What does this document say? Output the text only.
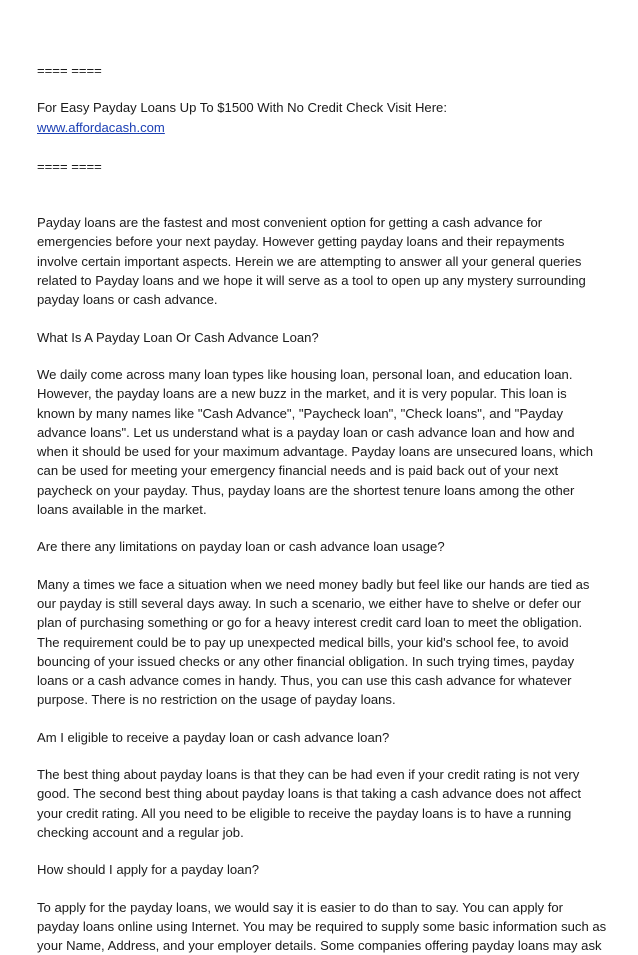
==== ====

For Easy Payday Loans Up To $1500 With No Credit Check Visit Here:

www.affordacash.com

==== ====

Payday loans are the fastest and most convenient option for getting a cash advance for
emergencies before your next payday. However getting payday loans and their repayments
involve certain important aspects. Herein we are attempting to answer all your general queries
related to Payday loans and we hope it will serve as a tool to open up any mystery surrounding
payday loans or cash advance.

What Is A Payday Loan Or Cash Advance Loan?

We daily come across many loan types like housing loan, personal loan, and education loan.
However, the payday loans are a new buzz in the market, and it is very popular. This loan is
known by many names like "Cash Advance", "Paycheck loan", "Check loans", and "Payday
advance loans". Let us understand what is a payday loan or cash advance loan and how and
when it should be used for your maximum advantage. Payday loans are unsecured loans, which
can be used for meeting your emergency financial needs and is paid back out of your next
paycheck on your payday. Thus, payday loans are the shortest tenure loans among the other
loans available in the market.

Are there any limitations on payday loan or cash advance loan usage?

Many a times we face a situation when we need money badly but feel like our hands are tied as
our payday is still several days away. In such a scenario, we either have to shelve or defer our
plan of purchasing something or go for a heavy interest credit card loan to meet the obligation.
The requirement could be to pay up unexpected medical bills, your kid's school fee, to avoid
bouncing of your issued checks or any other financial obligation. In such trying times, payday
loans or a cash advance comes in handy. Thus, you can use this cash advance for whatever
purpose. There is no restriction on the usage of payday loans.

Am I eligible to receive a payday loan or cash advance loan?

The best thing about payday loans is that they can be had even if your credit rating is not very
good. The second best thing about payday loans is that taking a cash advance does not affect
your credit rating. All you need to be eligible to receive the payday loans is to have a running
checking account and a regular job.

How should I apply for a payday loan?

To apply for the payday loans, we would say it is easier to do than to say. You can apply for
payday loans online using Internet. You may be required to supply some basic information such as
your Name, Address, and your employer details. Some companies offering payday loans may ask
